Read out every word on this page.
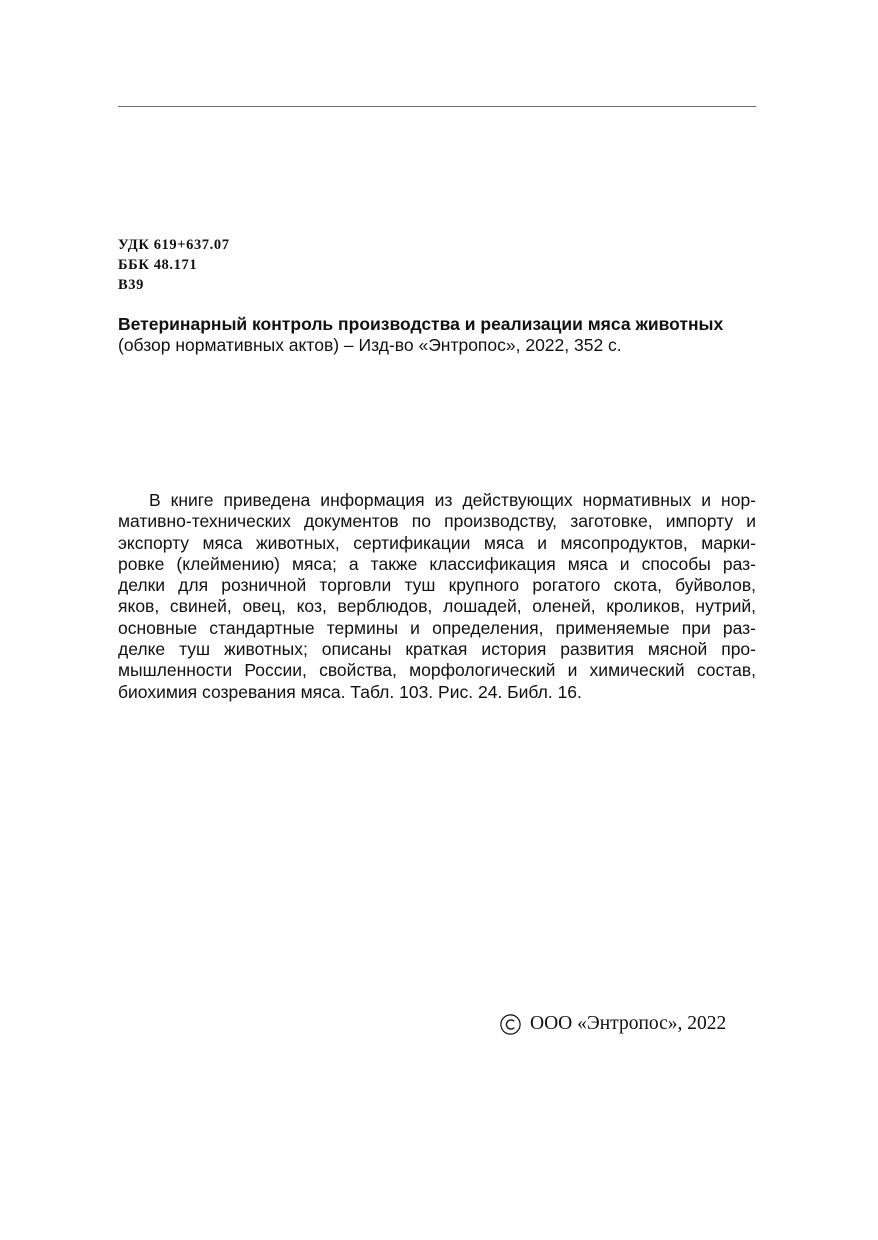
УДК 619+637.07
ББК 48.171
В39
Ветеринарный контроль производства и реализации мяса животных
(обзор нормативных актов) – Изд-во «Энтропос», 2022, 352 с.
В книге приведена информация из действующих нормативных и нор-
мативно-технических документов по производству, заготовке, импорту и
экспорту мяса животных, сертификации мяса и мясопродуктов, марки-
ровке (клеймению) мяса; а также классификация мяса и способы раз-
делки для розничной торговли туш крупного рогатого скота, буйволов,
яков, свиней, овец, коз, верблюдов, лошадей, оленей, кроликов, нутрий,
основные стандартные термины и определения, применяемые при раз-
делке туш животных; описаны краткая история развития мясной про-
мышленности России, свойства, морфологический и химический состав,
биохимия созревания мяса. Табл. 103. Рис. 24. Библ. 16.
ООО «Энтропос», 2022
